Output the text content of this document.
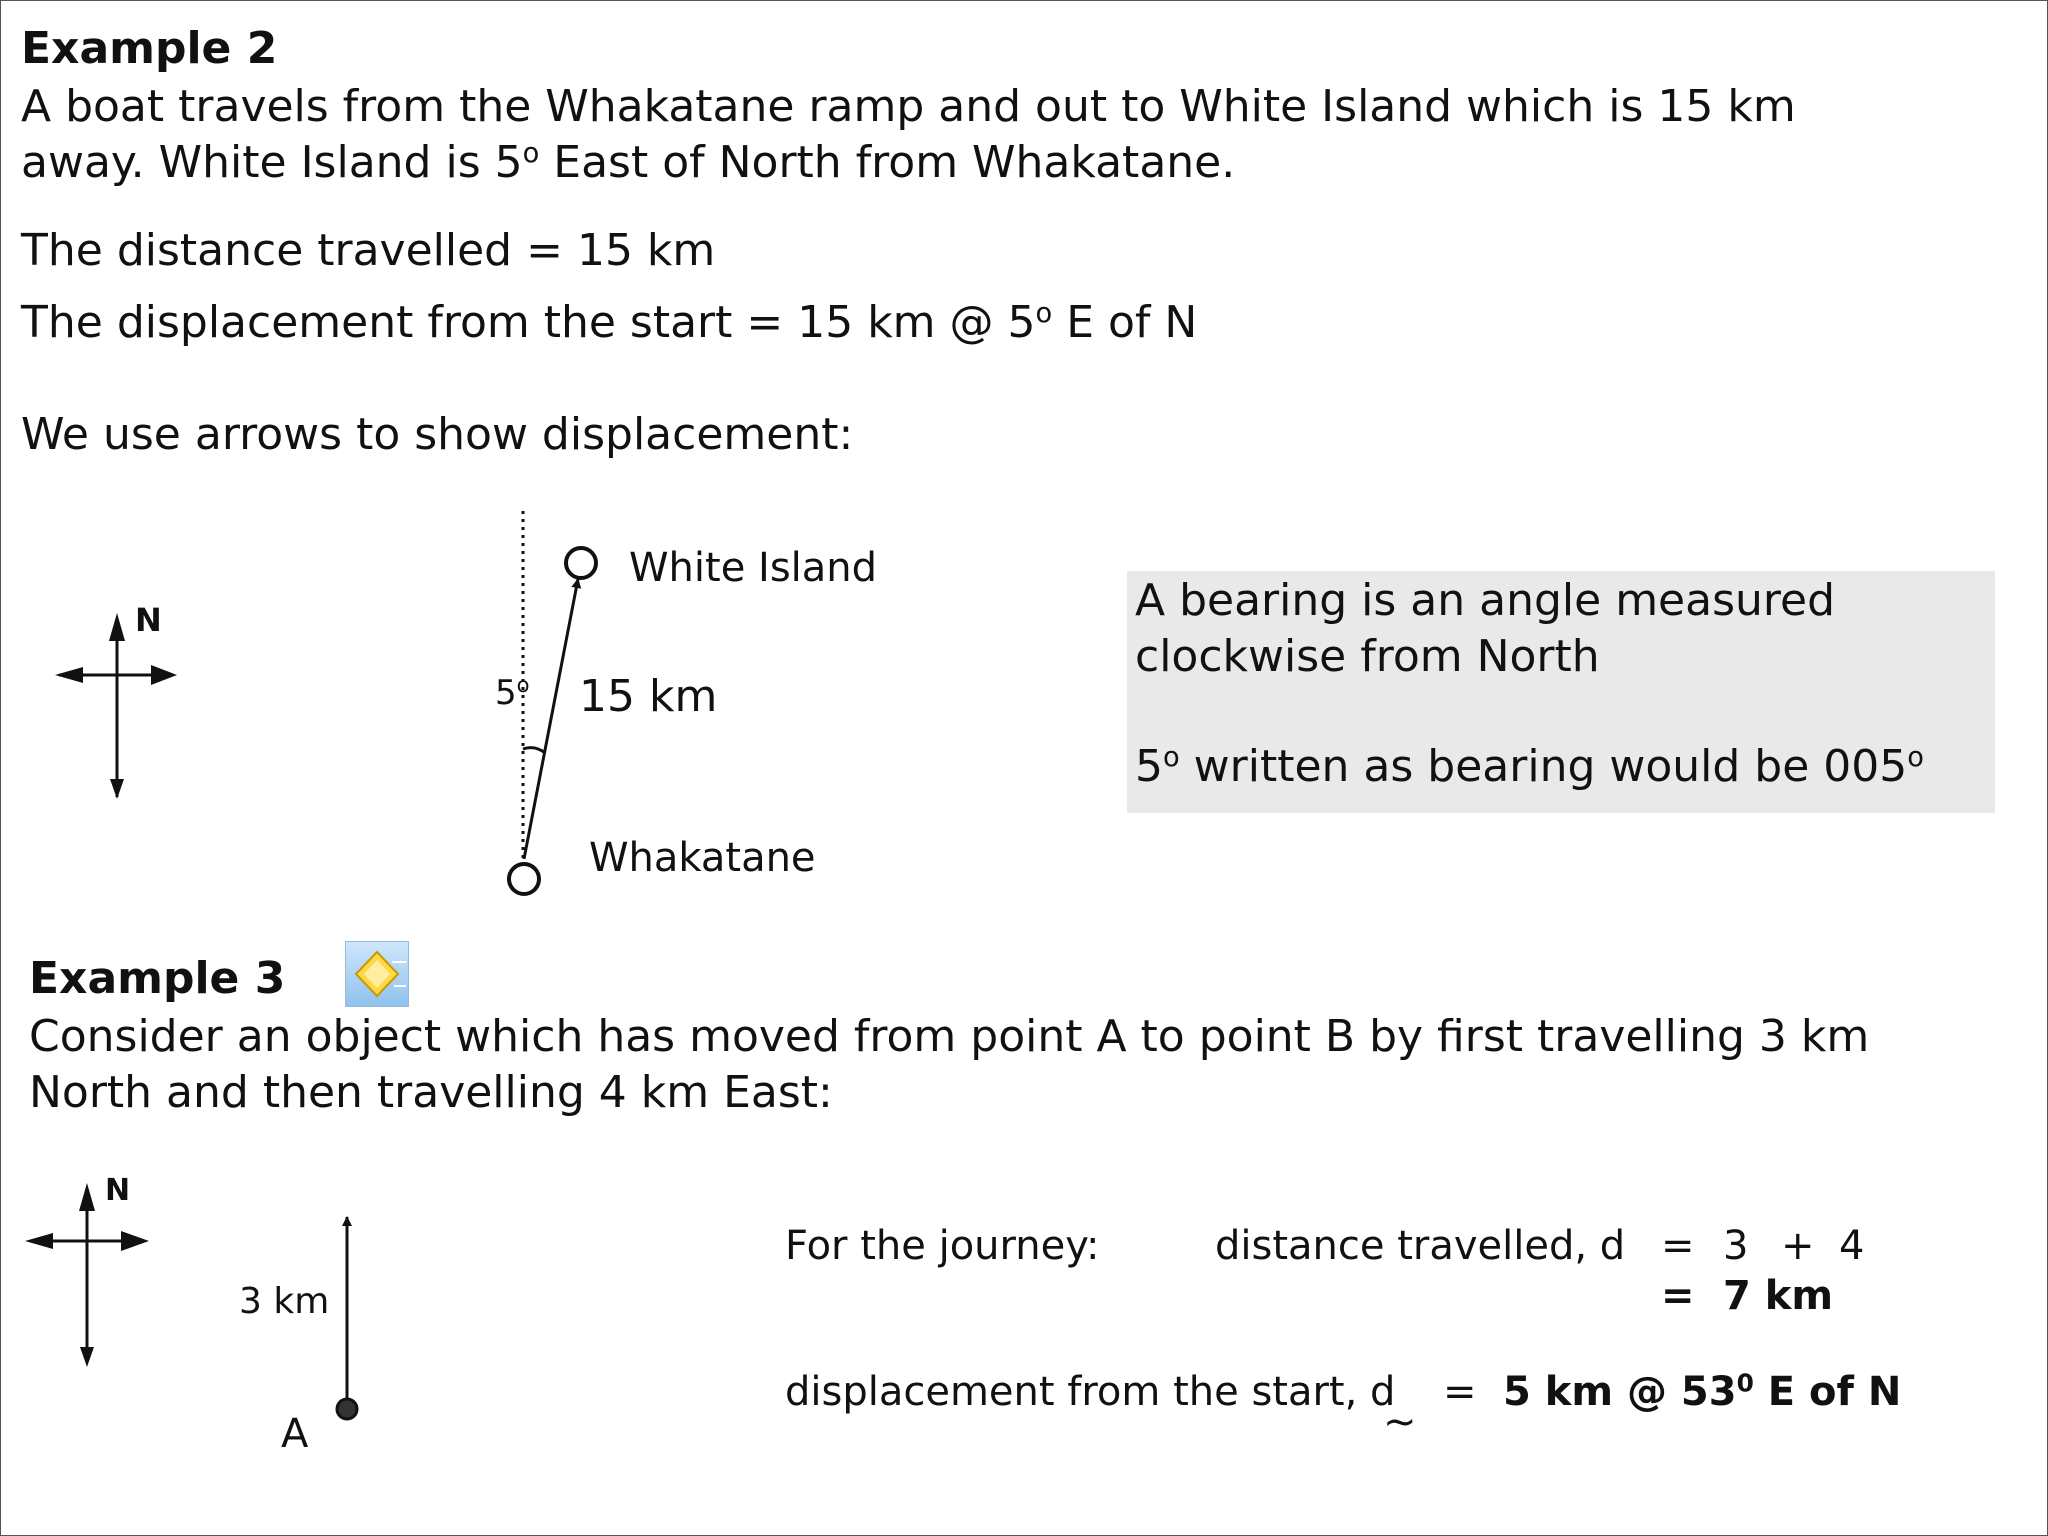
Example 2
A boat travels from the Whakatane ramp and out to White Island which is 15 km
away. White Island is 5$^o$ East of North from Whakatane.
The distance travelled = 15 km
The displacement from the start = 15 km @ 5$^o$ E of N
We use arrows to show displacement:
N
White Island
5$^o$ 15 km
Whakatane
A bearing is an angle measured
clockwise from North
5$^o$ written as bearing would be 005$^o$
Example 3
Consider an object which has moved from point A to point B by first travelling 3 km
North and then travelling 4 km East:
N
3 km
A
For the journey:	distance travelled, d = 3 + 4
= 7 km
displacement from the start, d
~
= 5 km @ $53^0$ E of N
